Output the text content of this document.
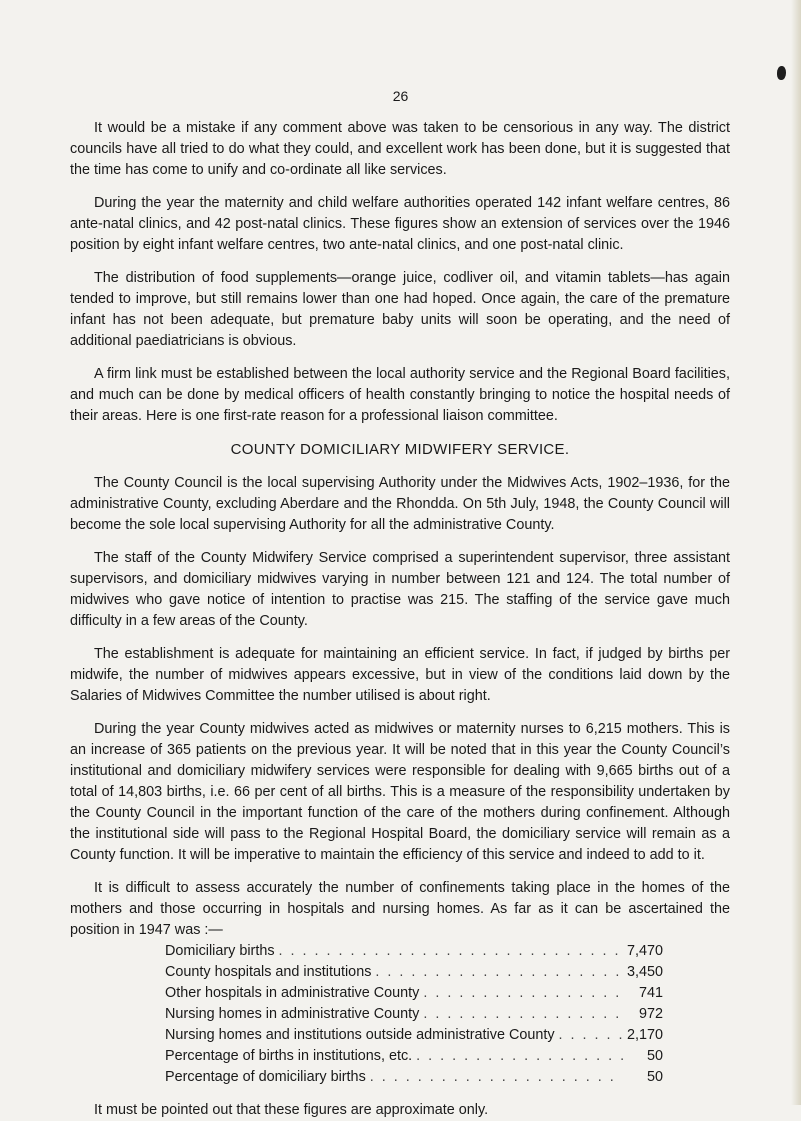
26

It would be a mistake if any comment above was taken to be censorious in any way. The district councils have all tried to do what they could, and excellent work has been done, but it is suggested that the time has come to unify and co-ordinate all like services.

During the year the maternity and child welfare authorities operated 142 infant welfare centres, 86 ante-natal clinics, and 42 post-natal clinics. These figures show an extension of services over the 1946 position by eight infant welfare centres, two ante-natal clinics, and one post-natal clinic.

The distribution of food supplements—orange juice, codliver oil, and vitamin tablets—has again tended to improve, but still remains lower than one had hoped. Once again, the care of the premature infant has not been adequate, but premature baby units will soon be operating, and the need of additional paediatricians is obvious.

A firm link must be established between the local authority service and the Regional Board facilities, and much can be done by medical officers of health constantly bringing to notice the hospital needs of their areas. Here is one first-rate reason for a professional liaison committee.

COUNTY DOMICILIARY MIDWIFERY SERVICE.

The County Council is the local supervising Authority under the Midwives Acts, 1902–1936, for the administrative County, excluding Aberdare and the Rhondda. On 5th July, 1948, the County Council will become the sole local supervising Authority for all the administrative County.

The staff of the County Midwifery Service comprised a superintendent supervisor, three assistant supervisors, and domiciliary midwives varying in number between 121 and 124. The total number of midwives who gave notice of intention to practise was 215. The staffing of the service gave much difficulty in a few areas of the County.

The establishment is adequate for maintaining an efficient service. In fact, if judged by births per midwife, the number of midwives appears excessive, but in view of the conditions laid down by the Salaries of Midwives Committee the number utilised is about right.

During the year County midwives acted as midwives or maternity nurses to 6,215 mothers. This is an increase of 365 patients on the previous year. It will be noted that in this year the County Council’s institutional and domiciliary midwifery services were responsible for dealing with 9,665 births out of a total of 14,803 births, i.e. 66 per cent of all births. This is a measure of the responsibility undertaken by the County Council in the important function of the care of the mothers during confinement. Although the institutional side will pass to the Regional Hospital Board, the domiciliary service will remain as a County function. It will be imperative to maintain the efficiency of this service and indeed to add to it.

It is difficult to assess accurately the number of confinements taking place in the homes of the mothers and those occurring in hospitals and nursing homes. As far as it can be ascertained the position in 1947 was :—

Domiciliary births . . .	7,470
County hospitals and institutions . . .	3,450
Other hospitals in administrative County . . .	741
Nursing homes in administrative County . . .	972
Nursing homes and institutions outside administrative County . . .	2,170
Percentage of births in institutions, etc. . . .	50
Percentage of domiciliary births . . .	50

It must be pointed out that these figures are approximate only.
